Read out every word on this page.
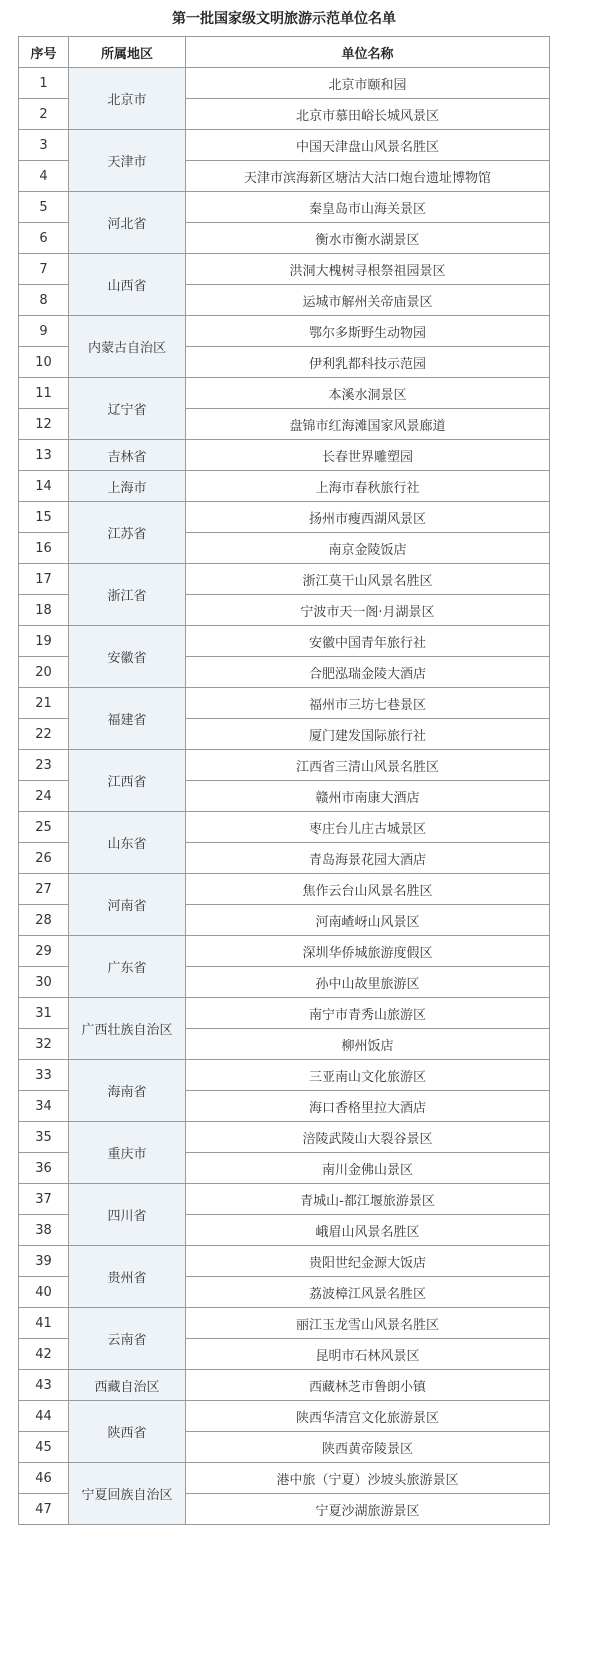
第一批国家级文明旅游示范单位名单
序号	所属地区	单位名称
1	北京市	北京市颐和园
2		北京市慕田峪长城风景区
3	天津市	中国天津盘山风景名胜区
4		天津市滨海新区塘沽大沽口炮台遗址博物馆
5	河北省	秦皇岛市山海关景区
6		衡水市衡水湖景区
7	山西省	洪洞大槐树寻根祭祖园景区
8		运城市解州关帝庙景区
9	内蒙古自治区	鄂尔多斯野生动物园
10		伊利乳都科技示范园
11	辽宁省	本溪水洞景区
12		盘锦市红海滩国家风景廊道
13	吉林省	长春世界雕塑园
14	上海市	上海市春秋旅行社
15	江苏省	扬州市瘦西湖风景区
16		南京金陵饭店
17	浙江省	浙江莫干山风景名胜区
18		宁波市天一阁·月湖景区
19	安徽省	安徽中国青年旅行社
20		合肥泓瑞金陵大酒店
21	福建省	福州市三坊七巷景区
22		厦门建发国际旅行社
23	江西省	江西省三清山风景名胜区
24		赣州市南康大酒店
25	山东省	枣庄台儿庄古城景区
26		青岛海景花园大酒店
27	河南省	焦作云台山风景名胜区
28		河南嵖岈山风景区
29	广东省	深圳华侨城旅游度假区
30		孙中山故里旅游区
31	广西壮族自治区	南宁市青秀山旅游区
32		柳州饭店
33	海南省	三亚南山文化旅游区
34		海口香格里拉大酒店
35	重庆市	涪陵武陵山大裂谷景区
36		南川金佛山景区
37	四川省	青城山-都江堰旅游景区
38		峨眉山风景名胜区
39	贵州省	贵阳世纪金源大饭店
40		荔波樟江风景名胜区
41	云南省	丽江玉龙雪山风景名胜区
42		昆明市石林风景区
43	西藏自治区	西藏林芝市鲁朗小镇
44	陕西省	陕西华清宫文化旅游景区
45		陕西黄帝陵景区
46	宁夏回族自治区	港中旅（宁夏）沙坡头旅游景区
47		宁夏沙湖旅游景区
